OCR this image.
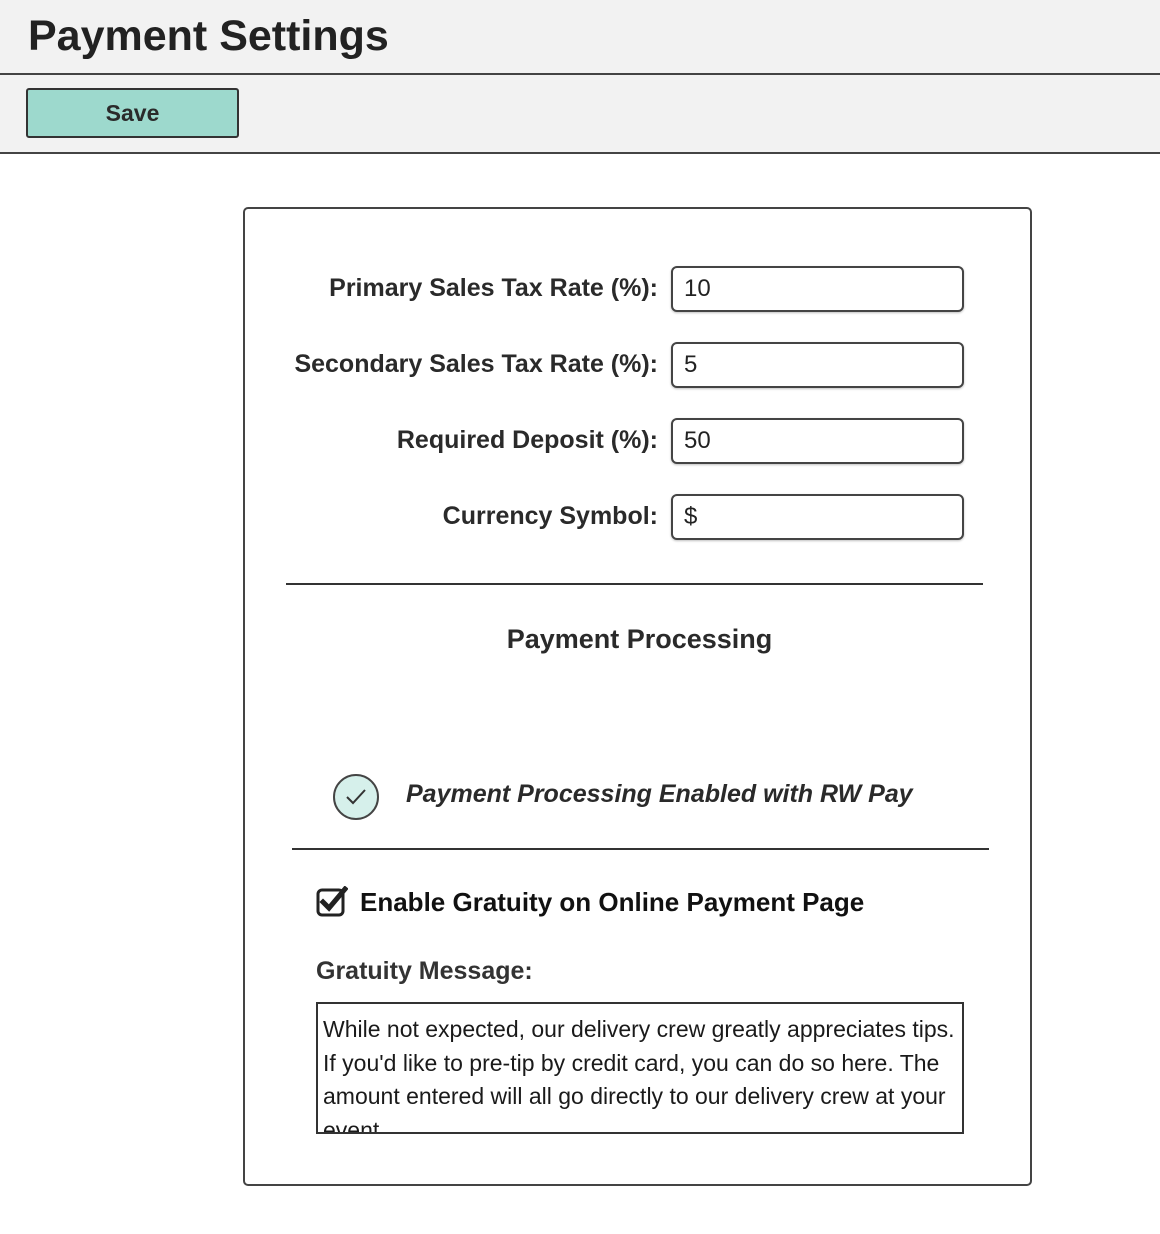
Payment Settings
Save
Primary Sales Tax Rate (%):
10
Secondary Sales Tax Rate (%):
5
Required Deposit (%):
50
Currency Symbol:
$
Payment Processing
Payment Processing Enabled with RW Pay
Enable Gratuity on Online Payment Page
Gratuity Message:
While not expected, our delivery crew greatly appreciates tips. If you'd like to pre-tip by credit card, you can do so here. The amount entered will all go directly to our delivery crew at your event.
